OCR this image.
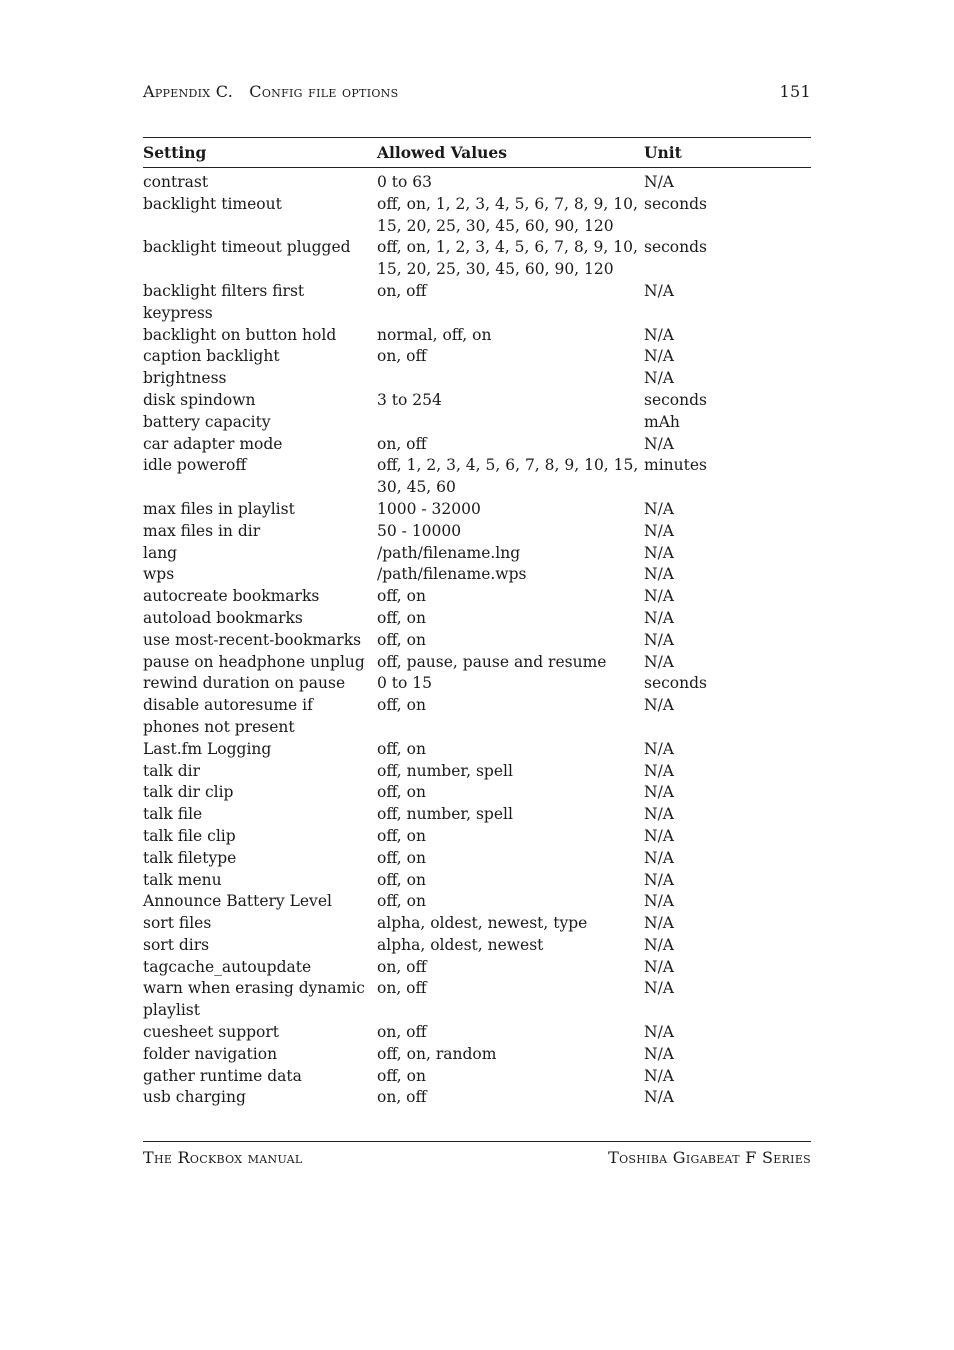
Appendix C.   Config file options	151
Setting	Allowed Values	Unit
contrast	0 to 63	N/A
backlight timeout	off, on, 1, 2, 3, 4, 5, 6, 7, 8, 9, 10, 15, 20, 25, 30, 45, 60, 90, 120	seconds
backlight timeout plugged	off, on, 1, 2, 3, 4, 5, 6, 7, 8, 9, 10, 15, 20, 25, 30, 45, 60, 90, 120	seconds
backlight filters first keypress	on, off	N/A
backlight on button hold	normal, off, on	N/A
caption backlight	on, off	N/A
brightness		N/A
disk spindown	3 to 254	seconds
battery capacity		mAh
car adapter mode	on, off	N/A
idle poweroff	off, 1, 2, 3, 4, 5, 6, 7, 8, 9, 10, 15, 30, 45, 60	minutes
max files in playlist	1000 - 32000	N/A
max files in dir	50 - 10000	N/A
lang	/path/filename.lng	N/A
wps	/path/filename.wps	N/A
autocreate bookmarks	off, on	N/A
autoload bookmarks	off, on	N/A
use most-recent-bookmarks	off, on	N/A
pause on headphone unplug	off, pause, pause and resume	N/A
rewind duration on pause	0 to 15	seconds
disable autoresume if phones not present	off, on	N/A
Last.fm Logging	off, on	N/A
talk dir	off, number, spell	N/A
talk dir clip	off, on	N/A
talk file	off, number, spell	N/A
talk file clip	off, on	N/A
talk filetype	off, on	N/A
talk menu	off, on	N/A
Announce Battery Level	off, on	N/A
sort files	alpha, oldest, newest, type	N/A
sort dirs	alpha, oldest, newest	N/A
tagcache_autoupdate	on, off	N/A
warn when erasing dynamic playlist	on, off	N/A
cuesheet support	on, off	N/A
folder navigation	off, on, random	N/A
gather runtime data	off, on	N/A
usb charging	on, off	N/A
The Rockbox manual	Toshiba Gigabeat F Series
